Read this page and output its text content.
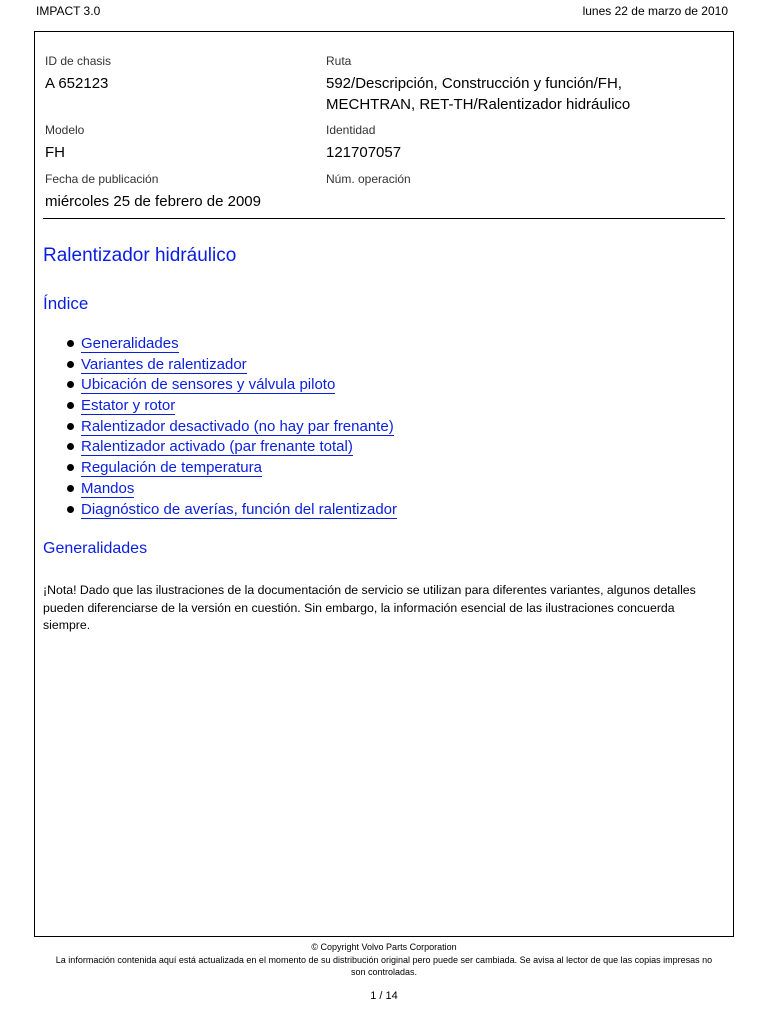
IMPACT 3.0	lunes 22 de marzo de 2010
ID de chasis
A 652123
Ruta
592/Descripción, Construcción y función/FH,
MECHTRAN, RET-TH/Ralentizador hidráulico
Modelo
FH
Identidad
121707057
Fecha de publicación
miércoles 25 de febrero de 2009
Núm. operación
Ralentizador hidráulico
Índice
Generalidades
Variantes de ralentizador
Ubicación de sensores y válvula piloto
Estator y rotor
Ralentizador desactivado (no hay par frenante)
Ralentizador activado (par frenante total)
Regulación de temperatura
Mandos
Diagnóstico de averías, función del ralentizador
Generalidades

¡Nota! Dado que las ilustraciones de la documentación de servicio se utilizan para diferentes variantes, algunos detalles pueden diferenciarse de la versión en cuestión. Sin embargo, la información esencial de las ilustraciones concuerda siempre.

© Copyright Volvo Parts Corporation
La información contenida aquí está actualizada en el momento de su distribución original pero puede ser cambiada. Se avisa al lector de que las copias impresas no son controladas.
1 / 14
